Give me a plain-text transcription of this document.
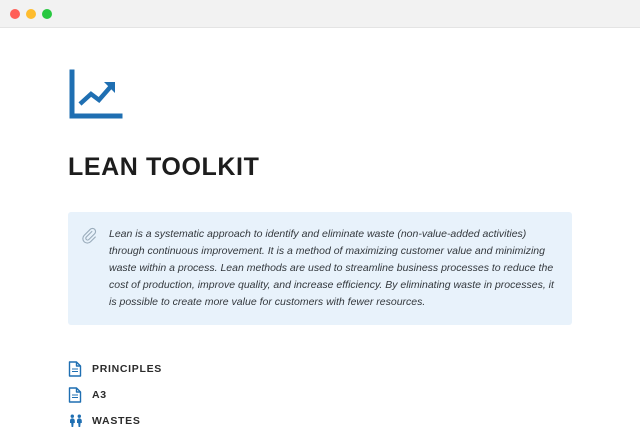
LEAN TOOLKIT

Lean is a systematic approach to identify and eliminate waste (non-value-added activities) through continuous improvement. It is a method of maximizing customer value and minimizing waste within a process. Lean methods are used to streamline business processes to reduce the cost of production, improve quality, and increase efficiency. By eliminating waste in processes, it is possible to create more value for customers with fewer resources.

PRINCIPLES
A3
WASTES
